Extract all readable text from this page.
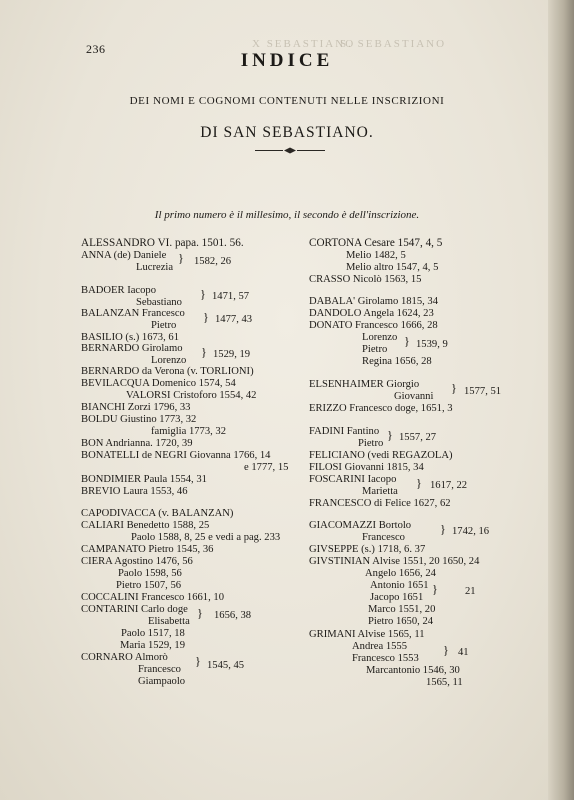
X SEBASTIANO
S. SEBASTIANO
236
INDICE
DEI NOMI E COGNOMI CONTENUTI NELLE INSCRIZIONI
DI SAN SEBASTIANO.
Il primo numero è il millesimo, il secondo è dell'inscrizione.
ALESSANDRO VI. papa. 1501. 56.
ANNA (de) Daniele
Lucrezia
} 1582, 26
BADOER Iacopo
Sebastiano
} 1471, 57
BALANZAN Francesco
Pietro
} 1477, 43
BASILIO (s.) 1673, 61
BERNARDO Girolamo
Lorenzo
} 1529, 19
BERNARDO da Verona (v. TORLIONI)
BEVILACQUA Domenico 1574, 54
VALORSI Cristoforo 1554, 42
BIANCHI Zorzi 1796, 33
BOLDU Giustino 1773, 32
famiglia 1773, 32
BON Andrianna. 1720, 39
BONATELLI de NEGRI Giovanna 1766, 14
e 1777, 15
BONDIMIER Paula 1554, 31
BREVIO Laura 1553, 46
CAPODIVACCA (v. BALANZAN)
CALIARI Benedetto 1588, 25
Paolo 1588, 8, 25 e vedi a pag. 233
CAMPANATO Pietro 1545, 36
CIERA Agostino 1476, 56
Paolo 1598, 56
Pietro 1507, 56
COCCALINI Francesco 1661, 10
CONTARINI Carlo doge
Elisabetta
} 1656, 38
Paolo 1517, 18
Maria 1529, 19
CORNARO Almorò
Francesco
} 1545, 45
Giampaolo
CORTONA Cesare 1547, 4, 5
Melio 1482, 5
Melio altro 1547, 4, 5
CRASSO Nicolò 1563, 15
DABALA' Girolamo 1815, 34
DANDOLO Angela 1624, 23
DONATO Francesco 1666, 28
Lorenzo
Pietro
} 1539, 9
Regina 1656, 28
ELSENHAIMER Giorgio
Giovanni
} 1577, 51
ERIZZO Francesco doge, 1651, 3
FADINI Fantino
Pietro
} 1557, 27
FELICIANO (vedi REGAZOLA)
FILOSI Giovanni 1815, 34
FOSCARINI Iacopo
Marietta
} 1617, 22
FRANCESCO di Felice 1627, 62
GIACOMAZZI Bortolo
Francesco
} 1742, 16
GIVSEPPE (s.) 1718, 6. 37
GIVSTINIAN Alvise 1551, 20 1650, 24
Angelo 1656, 24
Antonio 1651
Jacopo 1651
}	21
Marco 1551, 20
Pietro 1650, 24
GRIMANI Alvise 1565, 11
Andrea 1555
Francesco 1553
} 41
Marcantonio 1546, 30
1565, 11
